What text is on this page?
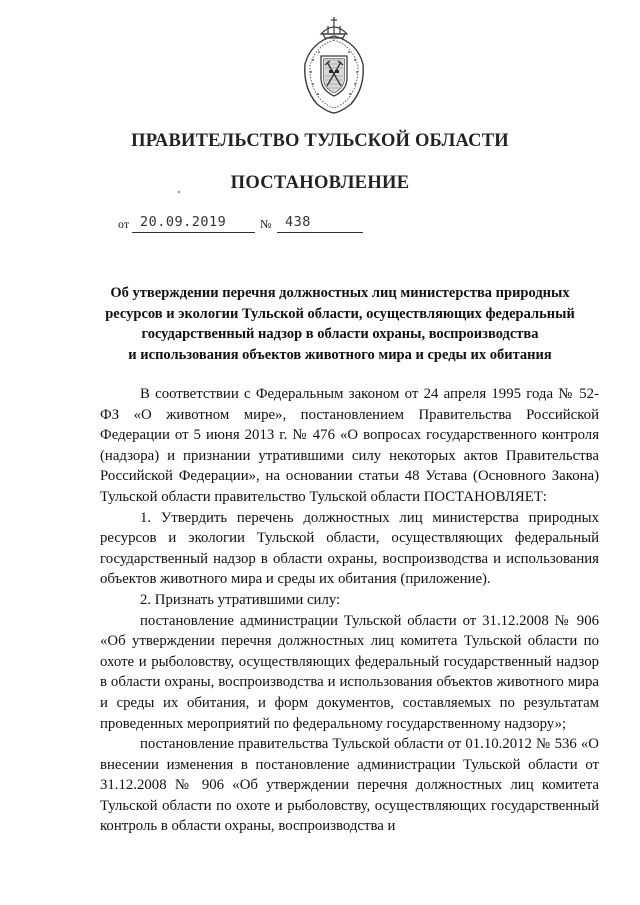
ПРАВИТЕЛЬСТВО ТУЛЬСКОЙ ОБЛАСТИ
ПОСТАНОВЛЕНИЕ
от 20.09.2019	№ 438
Об утверждении перечня должностных лиц министерства природных
ресурсов и экологии Тульской области, осуществляющих федеральный
государственный надзор в области охраны, воспроизводства
и использования объектов животного мира и среды их обитания

В соответствии с Федеральным законом от 24 апреля 1995 года № 52-ФЗ «О животном мире», постановлением Правительства Российской Федерации от 5 июня 2013 г. № 476 «О вопросах государственного контроля (надзора) и признании утратившими силу некоторых актов Правительства Российской Федерации», на основании статьи 48 Устава (Основного Закона) Тульской области правительство Тульской области ПОСТАНОВЛЯЕТ:

1. Утвердить перечень должностных лиц министерства природных ресурсов и экологии Тульской области, осуществляющих федеральный государственный надзор в области охраны, воспроизводства и использования объектов животного мира и среды их обитания (приложение).

2. Признать утратившими силу:

постановление администрации Тульской области от 31.12.2008 № 906 «Об утверждении перечня должностных лиц комитета Тульской области по охоте и рыболовству, осуществляющих федеральный государственный надзор в области охраны, воспроизводства и использования объектов животного мира и среды их обитания, и форм документов, составляемых по результатам проведенных мероприятий по федеральному государственному надзору»;

постановление правительства Тульской области от 01.10.2012 № 536 «О внесении изменения в постановление администрации Тульской области от 31.12.2008 № 906 «Об утверждении перечня должностных лиц комитета Тульской области по охоте и рыболовству, осуществляющих государственный контроль в области охраны, воспроизводства и
